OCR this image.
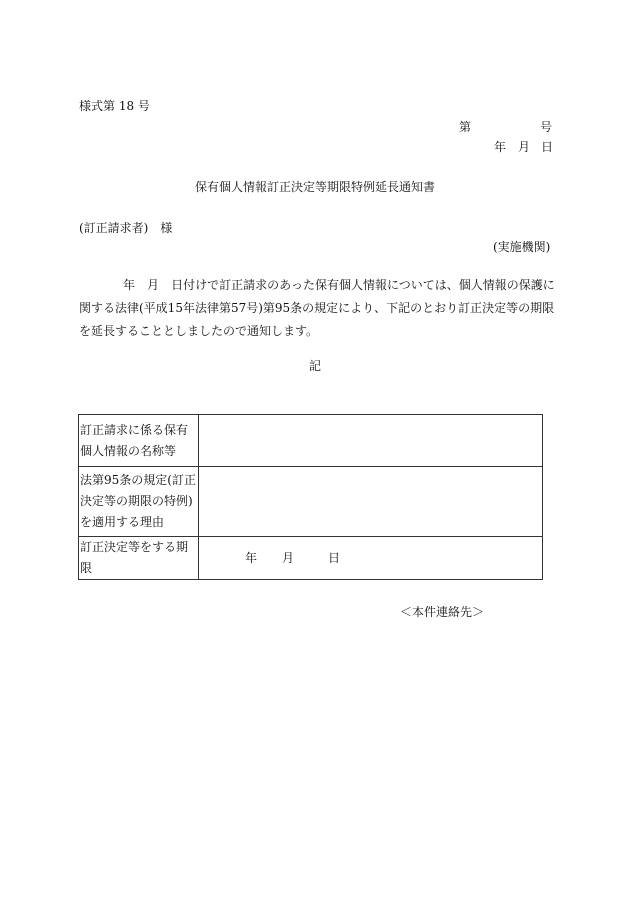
様式第 18 号
第	号
年 月 日
保有個人情報訂正決定等期限特例延長通知書
(訂正請求者)　様
(実施機関)
年　 月　 日付けで訂正請求のあった保有個人情報については、個人情報の保護に関する法律(平成15年法律第57号)第95条の規定により、下記のとおり訂正決定等の期限を延長することとしましたので通知します。
記
訂正請求に係る保有個人情報の名称等	
法第95条の規定(訂正決定等の期限の特例)を適用する理由	
訂正決定等をする期限	年 月 日
＜本件連絡先＞
